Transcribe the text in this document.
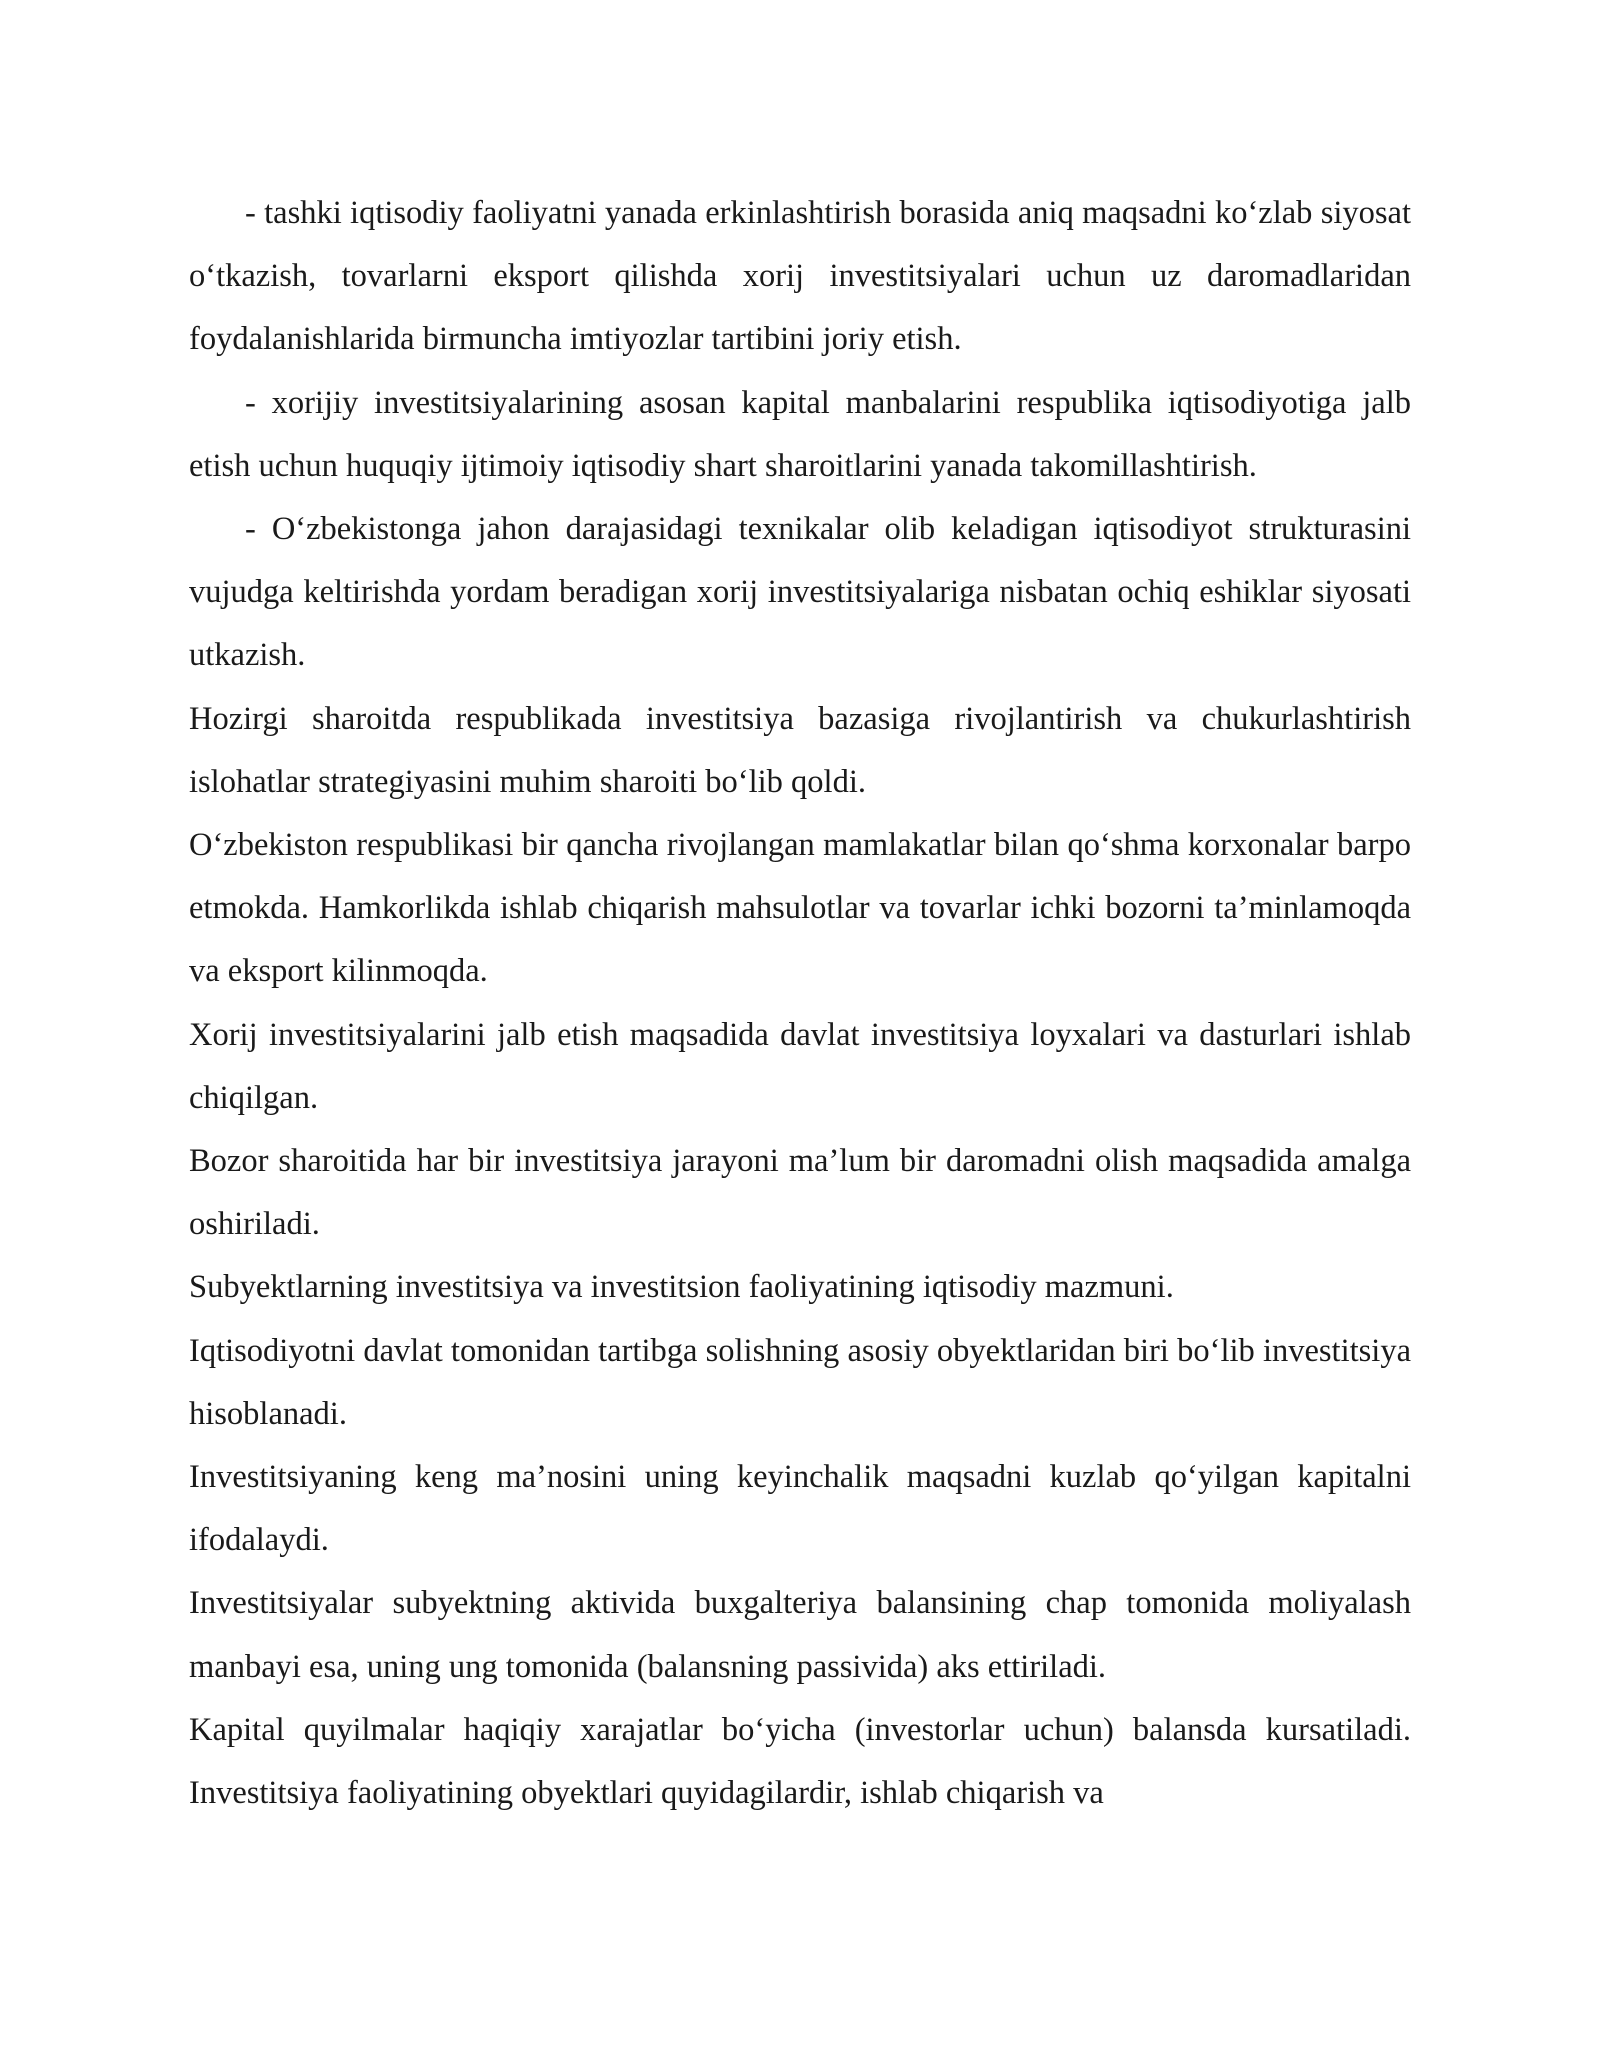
- tashki iqtisodiy faoliyatni yanada erkinlashtirish borasida aniq maqsadni koʻzlab siyosat oʻtkazish, tovarlarni eksport qilishda xorij investitsiyalari uchun uz daromadlaridan foydalanishlarida birmuncha imtiyozlar tartibini joriy etish.

- xorijiy investitsiyalarining asosan kapital manbalarini respublika iqtisodiyotiga jalb etish uchun huquqiy ijtimoiy iqtisodiy shart sharoitlarini yanada takomillashtirish.

- Oʻzbekistonga jahon darajasidagi texnikalar olib keladigan iqtisodiyot strukturasini vujudga keltirishda yordam beradigan xorij investitsiyalariga nisbatan ochiq eshiklar siyosati utkazish.

Hozirgi sharoitda respublikada investitsiya bazasiga rivojlantirish va chukurlashtirish islohatlar strategiyasini muhim sharoiti boʻlib qoldi.

Oʻzbekiston respublikasi bir qancha rivojlangan mamlakatlar bilan qoʻshma korxonalar barpo etmokda. Hamkorlikda ishlab chiqarish mahsulotlar va tovarlar ichki bozorni ta’minlamoqda va eksport kilinmoqda.

Xorij investitsiyalarini jalb etish maqsadida davlat investitsiya loyxalari va dasturlari ishlab chiqilgan.

Bozor sharoitida har bir investitsiya jarayoni ma’lum bir daromadni olish maqsadida amalga oshiriladi.

Subyektlarning investitsiya va investitsion faoliyatining iqtisodiy mazmuni.

Iqtisodiyotni davlat tomonidan tartibga solishning asosiy obyektlaridan biri boʻlib investitsiya hisoblanadi.

Investitsiyaning keng ma’nosini uning keyinchalik maqsadni kuzlab qoʻyilgan kapitalni ifodalaydi.

Investitsiyalar subyektning aktivida buxgalteriya balansining chap tomonida moliyalash manbayi esa, uning ung tomonida (balansning passivida) aks ettiriladi.

Kapital quyilmalar haqiqiy xarajatlar boʻyicha (investorlar uchun) balansda kursatiladi. Investitsiya faoliyatining obyektlari quyidagilardir, ishlab chiqarish va
